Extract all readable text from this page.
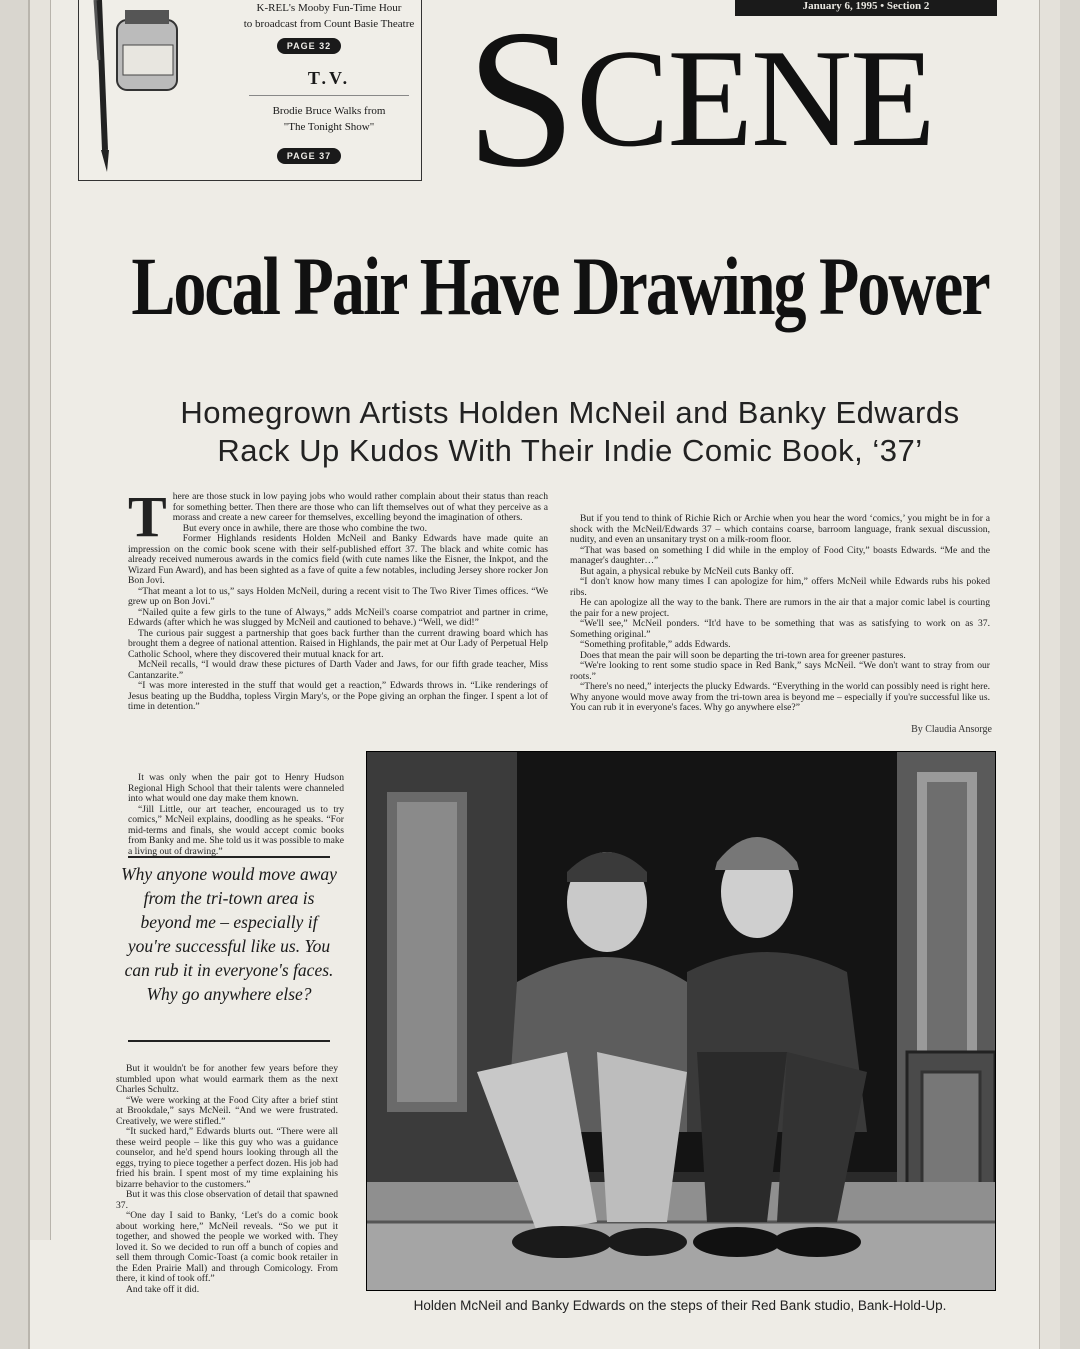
K-REL's Mooby Fun-Time Hour
to broadcast from Count Basie Theatre
PAGE 32
T.V.
Brodie Bruce Walks from
"The Tonight Show"
PAGE 37
January 6, 1995 • Section 2
SCENE
Local Pair Have Drawing Power
Homegrown Artists Holden McNeil and Banky Edwards
Rack Up Kudos With Their Indie Comic Book, ‘37’
T here are those stuck in low paying jobs who would rather complain about their status than reach for something better. Then there are those who can lift themselves out of what they perceive as a morass and create a new career for themselves, excelling beyond the imagination of others.

But every once in awhile, there are those who combine the two.

Former Highlands residents Holden McNeil and Banky Edwards have made quite an impression on the comic book scene with their self-published effort 37. The black and white comic has already received numerous awards in the comics field (with cute names like the Eisner, the Inkpot, and the Wizard Fun Award), and has been sighted as a fave of quite a few notables, including Jersey shore rocker Jon Bon Jovi.

“That meant a lot to us,” says Holden McNeil, during a recent visit to The Two River Times offices. “We grew up on Bon Jovi.”

“Nailed quite a few girls to the tune of Always,” adds McNeil's coarse compatriot and partner in crime, Edwards (after which he was slugged by McNeil and cautioned to behave.) “Well, we did!”

The curious pair suggest a partnership that goes back further than the current drawing board which has brought them a degree of national attention. Raised in Highlands, the pair met at Our Lady of Perpetual Help Catholic School, where they discovered their mutual knack for art.

McNeil recalls, “I would draw these pictures of Darth Vader and Jaws, for our fifth grade teacher, Miss Cantanzarite.”

“I was more interested in the stuff that would get a reaction,” Edwards throws in. “Like renderings of Jesus beating up the Buddha, topless Virgin Mary's, or the Pope giving an orphan the finger. I spent a lot of time in detention.”

It was only when the pair got to Henry Hudson Regional High School that their talents were channeled into what would one day make them known.

“Jill Little, our art teacher, encouraged us to try comics,” McNeil explains, doodling as he speaks. “For mid-terms and finals, she would accept comic books from Banky and me. She told us it was possible to make a living out of drawing.”

But if you tend to think of Richie Rich or Archie when you hear the word ‘comics,’ you might be in for a shock with the McNeil/Edwards 37 – which contains coarse, barroom language, frank sexual discussion, nudity, and even an unsanitary tryst on a milk-room floor.

“That was based on something I did while in the employ of Food City,” boasts Edwards. “Me and the manager's daughter…”

But again, a physical rebuke by McNeil cuts Banky off.

“I don't know how many times I can apologize for him,” offers McNeil while Edwards rubs his poked ribs.

He can apologize all the way to the bank. There are rumors in the air that a major comic label is courting the pair for a new project.

“We'll see,” McNeil ponders. “It'd have to be something that was as satisfying to work on as 37. Something original.”

“Something profitable,” adds Edwards.

Does that mean the pair will soon be departing the tri-town area for greener pastures.

“We're looking to rent some studio space in Red Bank,” says McNeil. “We don't want to stray from our roots.”

“There's no need,” interjects the plucky Edwards. “Everything in the world can possibly need is right here. Why anyone would move away from the tri-town area is beyond me – especially if you're successful like us. You can rub it in everyone's faces. Why go anywhere else?”

By Claudia Ansorge
Why anyone would move away from the tri-town area is beyond me – especially if you're successful like us. You can rub it in everyone's faces. Why go anywhere else?

But it wouldn't be for another few years before they stumbled upon what would earmark them as the next Charles Schultz.

“We were working at the Food City after a brief stint at Brookdale,” says McNeil. “And we were frustrated. Creatively, we were stifled.”

“It sucked hard,” Edwards blurts out. “There were all these weird people – like this guy who was a guidance counselor, and he'd spend hours looking through all the eggs, trying to piece together a perfect dozen. His job had fried his brain. I spent most of my time explaining his bizarre behavior to the customers.”

But it was this close observation of detail that spawned 37.

“One day I said to Banky, ‘Let's do a comic book about working here,” McNeil reveals. “So we put it together, and showed the people we worked with. They loved it. So we decided to run off a bunch of copies and sell them through Comic-Toast (a comic book retailer in the Eden Prairie Mall) and through Comicology. From there, it kind of took off.”

And take off it did.

Holden McNeil and Banky Edwards on the steps of their Red Bank studio, Bank-Hold-Up.
